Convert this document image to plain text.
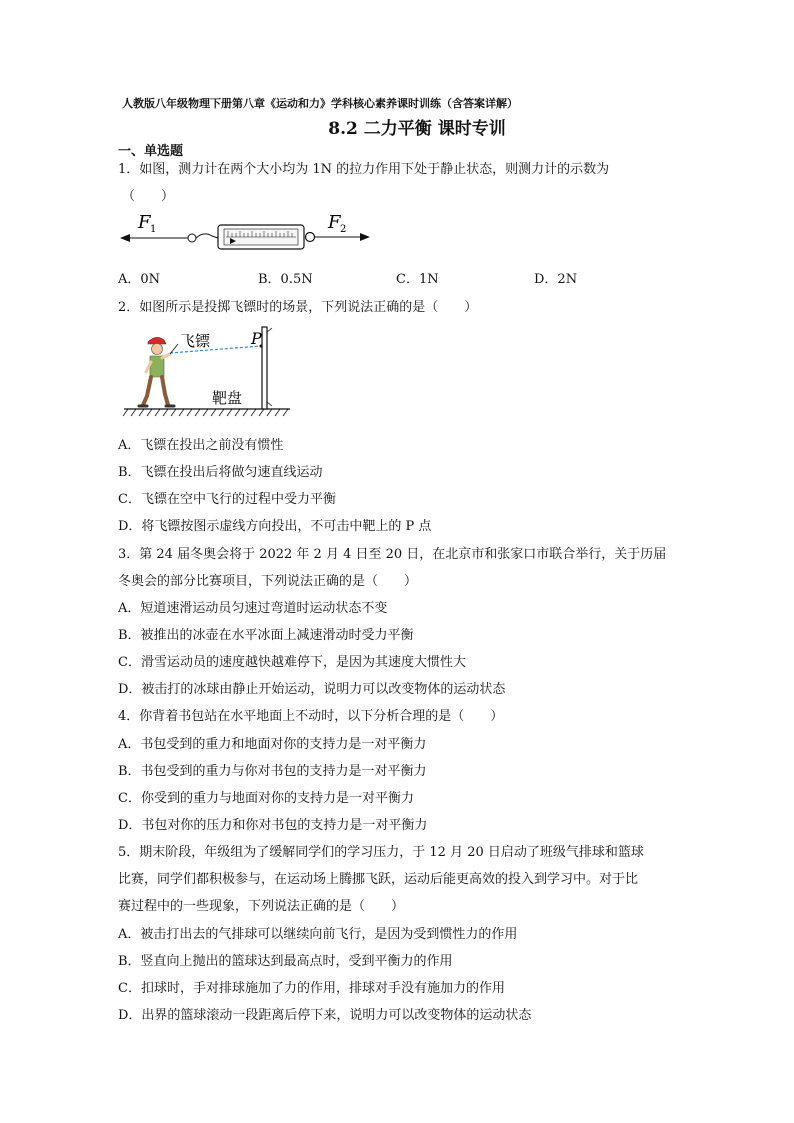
人教版八年级物理下册第八章《运动和力》学科核心素养课时训练（含答案详解）
8.2 二力平衡 课时专训
一、单选题
1．如图，测力计在两个大小均为 1N 的拉力作用下处于静止状态，则测力计的示数为
（　　）
F 1	F 2
A．0N	B．0.5N	C．1N	D．2N
2．如图所示是投掷飞镖时的场景，下列说法正确的是（　　）
飞镖	P
靶盘
A．飞镖在投出之前没有惯性
B．飞镖在投出后将做匀速直线运动
C．飞镖在空中飞行的过程中受力平衡
D．将飞镖按图示虚线方向投出，不可击中靶上的 P 点
3．第 24 届冬奥会将于 2022 年 2 月 4 日至 20 日，在北京市和张家口市联合举行，关于历届
冬奥会的部分比赛项目，下列说法正确的是（　　）
A．短道速滑运动员匀速过弯道时运动状态不变
B．被推出的冰壶在水平冰面上减速滑动时受力平衡
C．滑雪运动员的速度越快越难停下，是因为其速度大惯性大
D．被击打的冰球由静止开始运动，说明力可以改变物体的运动状态
4．你背着书包站在水平地面上不动时，以下分析合理的是（　　）
A．书包受到的重力和地面对你的支持力是一对平衡力
B．书包受到的重力与你对书包的支持力是一对平衡力
C．你受到的重力与地面对你的支持力是一对平衡力
D．书包对你的压力和你对书包的支持力是一对平衡力
5．期末阶段，年级组为了缓解同学们的学习压力，于 12 月 20 日启动了班级气排球和篮球
比赛，同学们都积极参与，在运动场上腾挪飞跃，运动后能更高效的投入到学习中。对于比
赛过程中的一些现象，下列说法正确的是（　　）
A．被击打出去的气排球可以继续向前飞行，是因为受到惯性力的作用
B．竖直向上抛出的篮球达到最高点时，受到平衡力的作用
C．扣球时，手对排球施加了力的作用，排球对手没有施加力的作用
D．出界的篮球滚动一段距离后停下来，说明力可以改变物体的运动状态
